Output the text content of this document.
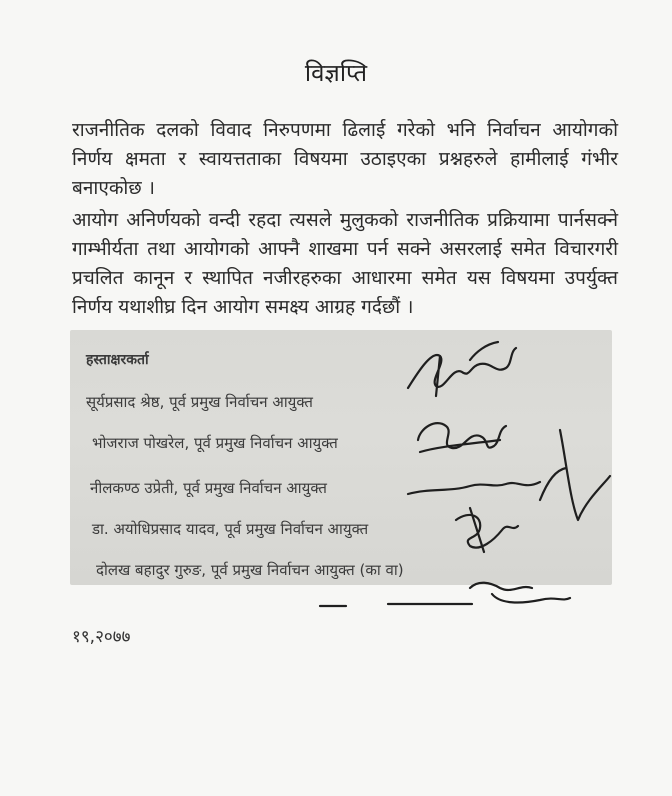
विज्ञप्ति
राजनीतिक दलको विवाद निरुपणमा ढिलाई गरेको भनि निर्वाचन आयोगको निर्णय क्षमता र स्वायत्तताका विषयमा उठाइएका प्रश्नहरुले हामीलाई गंभीर बनाएकोछ ।
आयोग अनिर्णयको वन्दी रहदा त्यसले मुलुकको राजनीतिक प्रक्रियामा पार्नसक्ने गाम्भीर्यता तथा आयोगको आफ्नै शाखमा पर्न सक्ने असरलाई समेत विचारगरी प्रचलित कानून र स्थापित नजीरहरुका आधारमा समेत यस विषयमा उपर्युक्त निर्णय यथाशीघ्र दिन आयोग समक्ष्य आग्रह गर्दछौं ।
हस्ताक्षरकर्ता
सूर्यप्रसाद श्रेष्ठ, पूर्व प्रमुख निर्वाचन आयुक्त
भोजराज पोखरेल, पूर्व प्रमुख निर्वाचन आयुक्त
नीलकण्ठ उप्रेती, पूर्व प्रमुख निर्वाचन आयुक्त
डा. अयोधिप्रसाद यादव, पूर्व प्रमुख निर्वाचन आयुक्त
दोलख बहादुर गुरुङ, पूर्व प्रमुख निर्वाचन आयुक्त (का वा)
१९,२०७७
